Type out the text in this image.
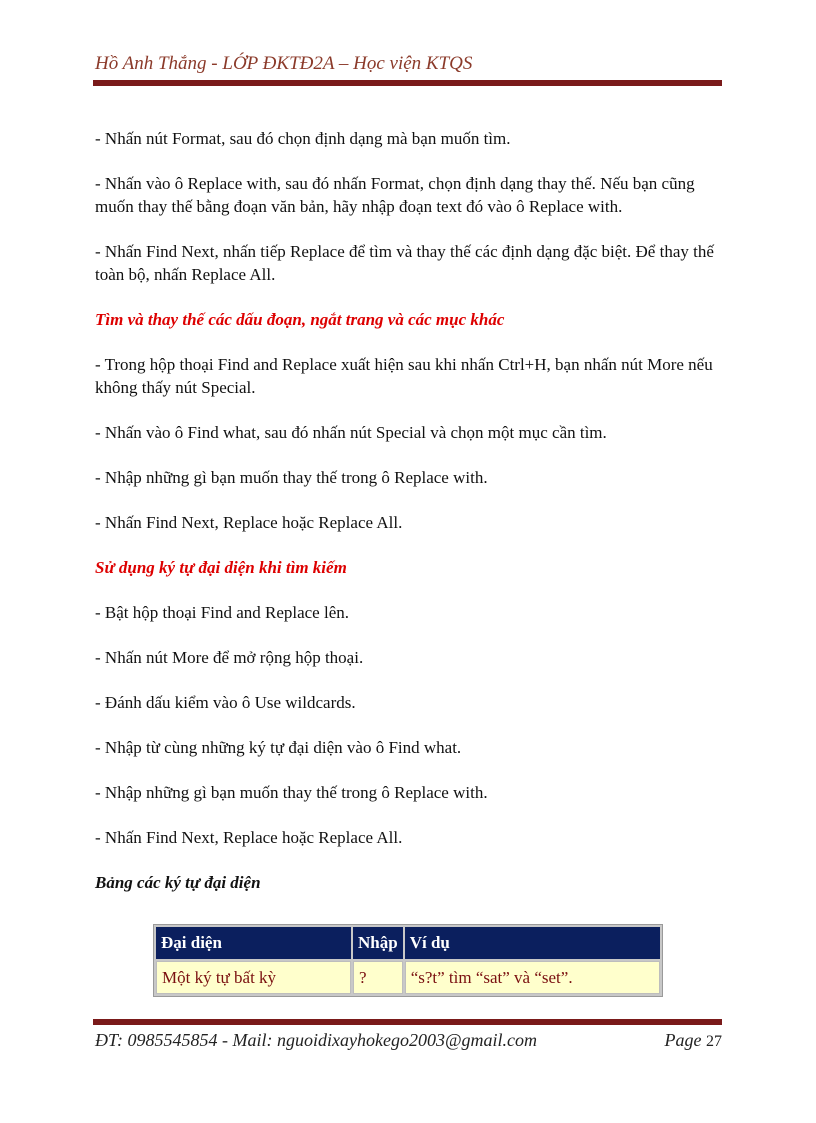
Hồ Anh Thắng - LỚP ĐKTĐ2A – Học viện KTQS

- Nhấn nút Format, sau đó chọn định dạng mà bạn muốn tìm.

- Nhấn vào ô Replace with, sau đó nhấn Format, chọn định dạng thay thế. Nếu bạn cũng muốn thay thế bằng đoạn văn bản, hãy nhập đoạn text đó vào ô Replace with.

- Nhấn Find Next, nhấn tiếp Replace để tìm và thay thế các định dạng đặc biệt. Để thay thế toàn bộ, nhấn Replace All.

Tìm và thay thế các dấu đoạn, ngắt trang và các mục khác

- Trong hộp thoại Find and Replace xuất hiện sau khi nhấn Ctrl+H, bạn nhấn nút More nếu không thấy nút Special.

- Nhấn vào ô Find what, sau đó nhấn nút Special và chọn một mục cần tìm.

- Nhập những gì bạn muốn thay thế trong ô Replace with.

- Nhấn Find Next, Replace hoặc Replace All.

Sử dụng ký tự đại diện khi tìm kiếm

- Bật hộp thoại Find and Replace lên.

- Nhấn nút More để mở rộng hộp thoại.

- Đánh dấu kiểm vào ô Use wildcards.

- Nhập từ cùng những ký tự đại diện vào ô Find what.

- Nhập những gì bạn muốn thay thế trong ô Replace with.

- Nhấn Find Next, Replace hoặc Replace All.

Bảng các ký tự đại diện

Đại diện	Nhập	Ví dụ
Một ký tự bất kỳ	?	“s?t” tìm “sat” và “set”.
ĐT: 0985545854 - Mail: nguoidixayhokego2003@gmail.com	Page 27
